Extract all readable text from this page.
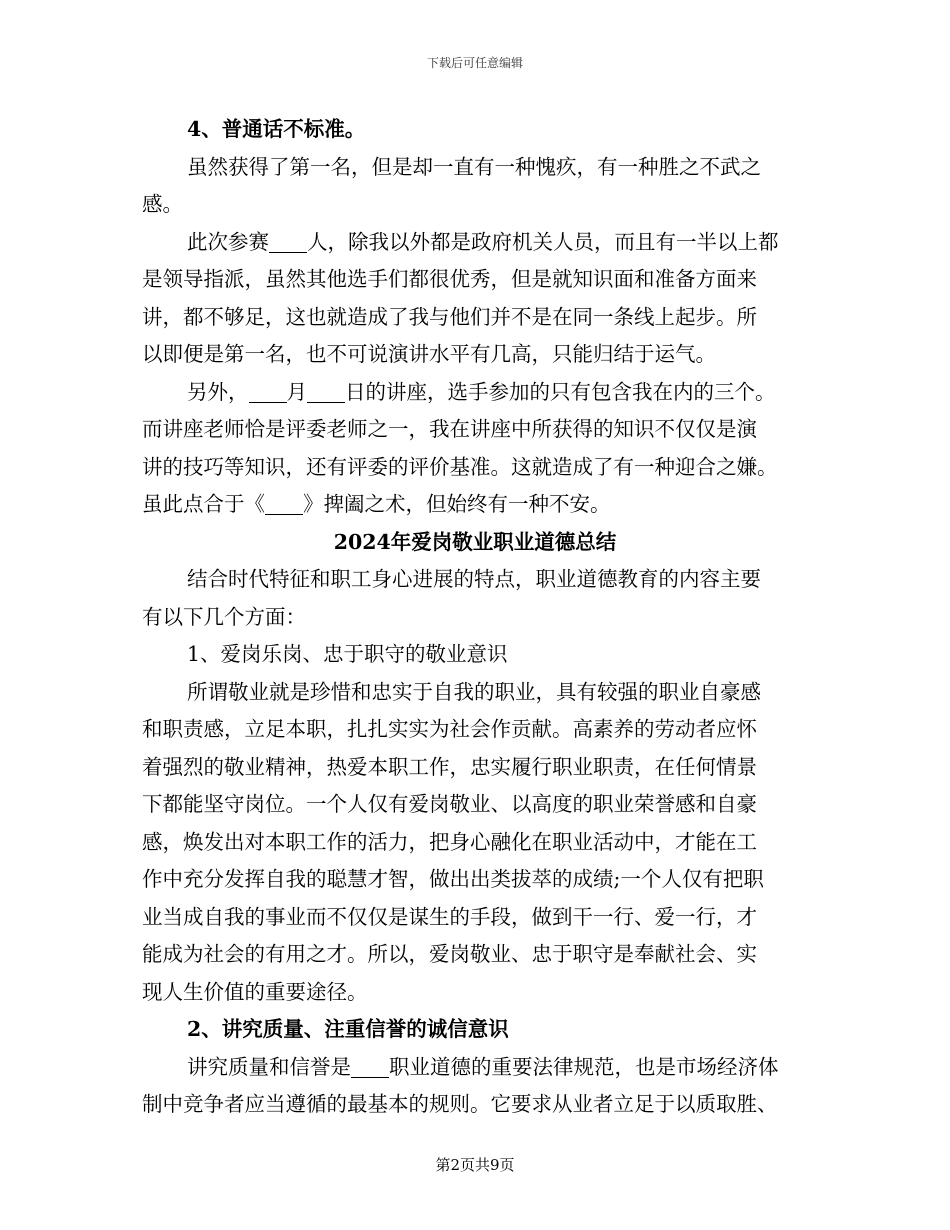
下载后可任意编辑
4、普通话不标准。
虽然获得了第一名，但是却一直有一种愧疚，有一种胜之不武之
感。
此次参赛 人，除我以外都是政府机关人员，而且有一半以上都
是领导指派，虽然其他选手们都很优秀，但是就知识面和准备方面来
讲，都不够足，这也就造成了我与他们并不是在同一条线上起步。所
以即便是第一名，也不可说演讲水平有几高，只能归结于运气。
另外， 月 日的讲座，选手参加的只有包含我在内的三个。
而讲座老师恰是评委老师之一，我在讲座中所获得的知识不仅仅是演
讲的技巧等知识，还有评委的评价基准。这就造成了有一种迎合之嫌。
虽此点合于《 》捭阖之术，但始终有一种不安。
2024年爱岗敬业职业道德总结
结合时代特征和职工身心进展的特点，职业道德教育的内容主要
有以下几个方面：
1、爱岗乐岗、忠于职守的敬业意识
所谓敬业就是珍惜和忠实于自我的职业，具有较强的职业自豪感
和职责感，立足本职，扎扎实实为社会作贡献。高素养的劳动者应怀
着强烈的敬业精神，热爱本职工作，忠实履行职业职责，在任何情景
下都能坚守岗位。一个人仅有爱岗敬业、以高度的职业荣誉感和自豪
感，焕发出对本职工作的活力，把身心融化在职业活动中，才能在工
作中充分发挥自我的聪慧才智，做出出类拔萃的成绩;一个人仅有把职
业当成自我的事业而不仅仅是谋生的手段，做到干一行、爱一行，才
能成为社会的有用之才。所以，爱岗敬业、忠于职守是奉献社会、实
现人生价值的重要途径。
2、讲究质量、注重信誉的诚信意识
讲究质量和信誉是 职业道德的重要法律规范，也是市场经济体
制中竞争者应当遵循的最基本的规则。它要求从业者立足于以质取胜、
第2页共9页
